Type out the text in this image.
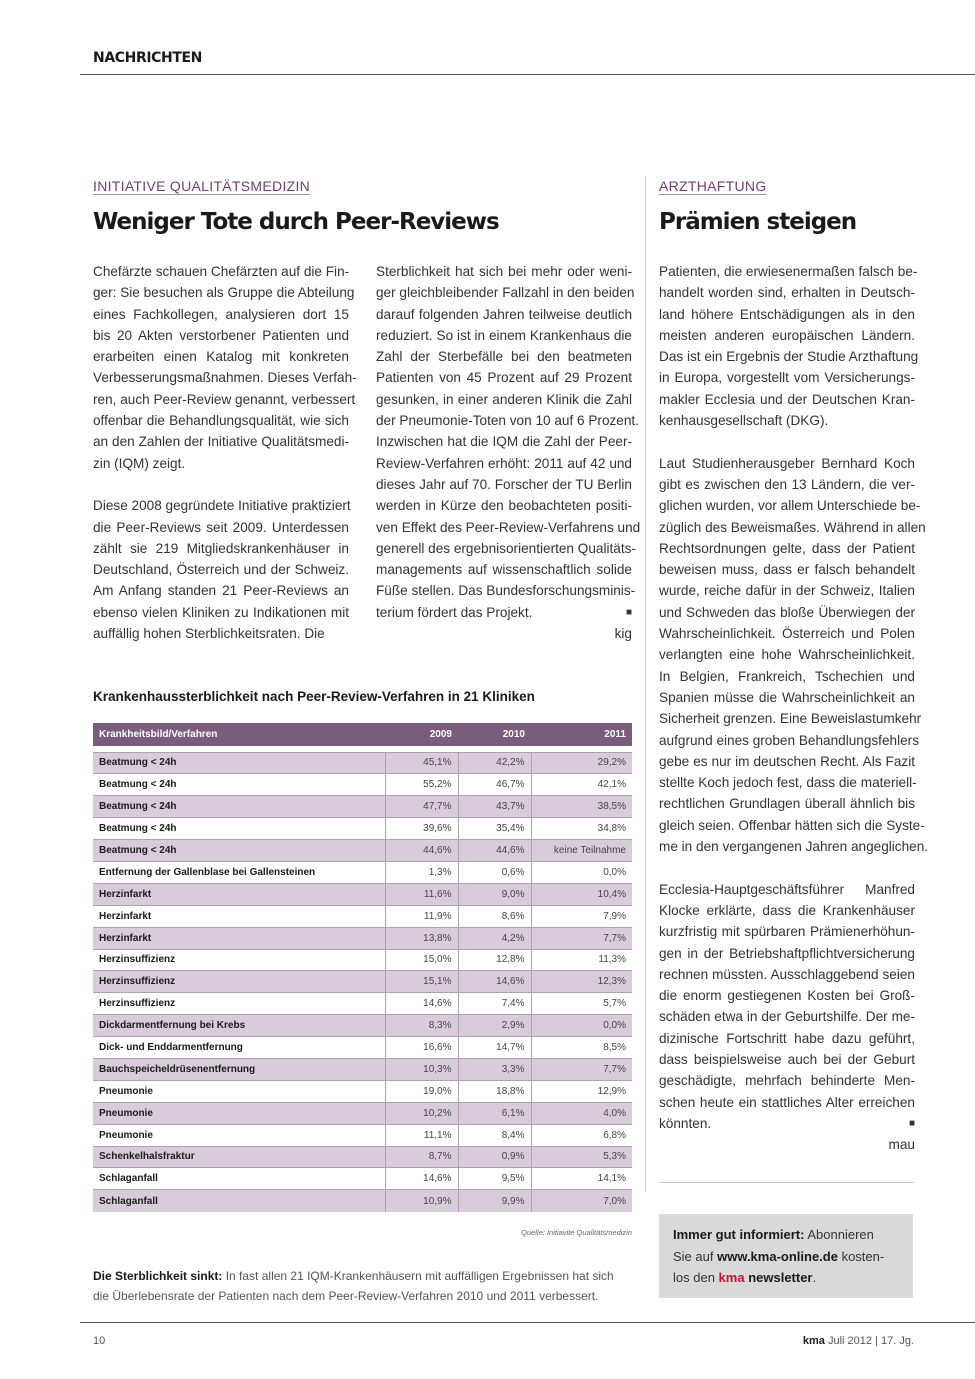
NACHRICHTEN
INITIATIVE QUALITÄTSMEDIZIN
Weniger Tote durch Peer-Reviews
Chefärzte schauen Chefärzten auf die Fin-
ger: Sie besuchen als Gruppe die Abteilung
eines Fachkollegen, analysieren dort 15
bis 20 Akten verstorbener Patienten und
erarbeiten einen Katalog mit konkreten
Verbesserungsmaßnahmen. Dieses Verfah-
ren, auch Peer-Review genannt, verbessert
offenbar die Behandlungsqualität, wie sich
an den Zahlen der Initiative Qualitätsmedi-
zin (IQM) zeigt.
Diese 2008 gegründete Initiative praktiziert
die Peer-Reviews seit 2009. Unterdessen
zählt sie 219 Mitgliedskrankenhäuser in
Deutschland, Österreich und der Schweiz.
Am Anfang standen 21 Peer-Reviews an
ebenso vielen Kliniken zu Indikationen mit
auffällig hohen Sterblichkeitsraten. Die
Sterblichkeit hat sich bei mehr oder weni-
ger gleichbleibender Fallzahl in den beiden
darauf folgenden Jahren teilweise deutlich
reduziert. So ist in einem Krankenhaus die
Zahl der Sterbefälle bei den beatmeten
Patienten von 45 Prozent auf 29 Prozent
gesunken, in einer anderen Klinik die Zahl
der Pneumonie-Toten von 10 auf 6 Prozent.
Inzwischen hat die IQM die Zahl der Peer-
Review-Verfahren erhöht: 2011 auf 42 und
dieses Jahr auf 70. Forscher der TU Berlin
werden in Kürze den beobachteten positi-
ven Effekt des Peer-Review-Verfahrens und
generell des ergebnisorientierten Qualitäts-
managements auf wissenschaftlich solide
Füße stellen. Das Bundesforschungsminis-
terium fördert das Projekt.	■
kig
Krankenhaussterblichkeit nach Peer-Review-Verfahren in 21 Kliniken
Krankheitsbild/Verfahren	2009	2010	2011

Beatmung < 24h	45,1%	42,2%	29,2%
Beatmung < 24h	55,2%	46,7%	42,1%
Beatmung < 24h	47,7%	43,7%	38,5%
Beatmung < 24h	39,6%	35,4%	34,8%
Beatmung < 24h	44,6%	44,6%	keine Teilnahme
Entfernung der Gallenblase bei Gallensteinen	1,3%	0,6%	0,0%
Herzinfarkt	11,6%	9,0%	10,4%
Herzinfarkt	11,9%	8,6%	7,9%
Herzinfarkt	13,8%	4,2%	7,7%
Herzinsuffizienz	15,0%	12,8%	11,3%
Herzinsuffizienz	15,1%	14,6%	12,3%
Herzinsuffizienz	14,6%	7,4%	5,7%
Dickdarmentfernung bei Krebs	8,3%	2,9%	0,0%
Dick- und Enddarmentfernung	16,6%	14,7%	8,5%
Bauchspeicheldrüsenentfernung	10,3%	3,3%	7,7%
Pneumonie	19,0%	18,8%	12,9%
Pneumonie	10,2%	6,1%	4,0%
Pneumonie	11,1%	8,4%	6,8%
Schenkelhalsfraktur	8,7%	0,9%	5,3%
Schlaganfall	14,6%	9,5%	14,1%
Schlaganfall	10,9%	9,9%	7,0%
Quelle: Initiavite Qualitätsmedizin
Die Sterblichkeit sinkt: In fast allen 21 IQM-Krankenhäusern mit auffälligen Ergebnissen hat sich
die Überlebensrate der Patienten nach dem Peer-Review-Verfahren 2010 und 2011 verbessert.
ARZTHAFTUNG
Prämien steigen
Patienten, die erwiesenermaßen falsch be-
handelt worden sind, erhalten in Deutsch-
land höhere Entschädigungen als in den
meisten anderen europäischen Ländern.
Das ist ein Ergebnis der Studie Arzthaftung
in Europa, vorgestellt vom Versicherungs-
makler Ecclesia und der Deutschen Kran-
kenhausgesellschaft (DKG).
Laut Studienherausgeber Bernhard Koch
gibt es zwischen den 13 Ländern, die ver-
glichen wurden, vor allem Unterschiede be-
züglich des Beweismaßes. Während in allen
Rechtsordnungen gelte, dass der Patient
beweisen muss, dass er falsch behandelt
wurde, reiche dafür in der Schweiz, Italien
und Schweden das bloße Überwiegen der
Wahrscheinlichkeit. Österreich und Polen
verlangten eine hohe Wahrscheinlichkeit.
In Belgien, Frankreich, Tschechien und
Spanien müsse die Wahrscheinlichkeit an
Sicherheit grenzen. Eine Beweislastumkehr
aufgrund eines groben Behandlungsfehlers
gebe es nur im deutschen Recht. Als Fazit
stellte Koch jedoch fest, dass die materiell-
rechtlichen Grundlagen überall ähnlich bis
gleich seien. Offenbar hätten sich die Syste-
me in den vergangenen Jahren angeglichen.
Ecclesia-Hauptgeschäftsführer Manfred
Klocke erklärte, dass die Krankenhäuser
kurzfristig mit spürbaren Prämienerhöhun-
gen in der Betriebshaftpflichtversicherung
rechnen müssten. Ausschlaggebend seien
die enorm gestiegenen Kosten bei Groß-
schäden etwa in der Geburtshilfe. Der me-
dizinische Fortschritt habe dazu geführt,
dass beispielsweise auch bei der Geburt
geschädigte, mehrfach behinderte Men-
schen heute ein stattliches Alter erreichen
könnten.	■
mau
Immer gut informiert: Abonnieren
Sie auf www.kma-online.de kosten-
los den kma newsletter.
10	kma Juli 2012 | 17. Jg.
